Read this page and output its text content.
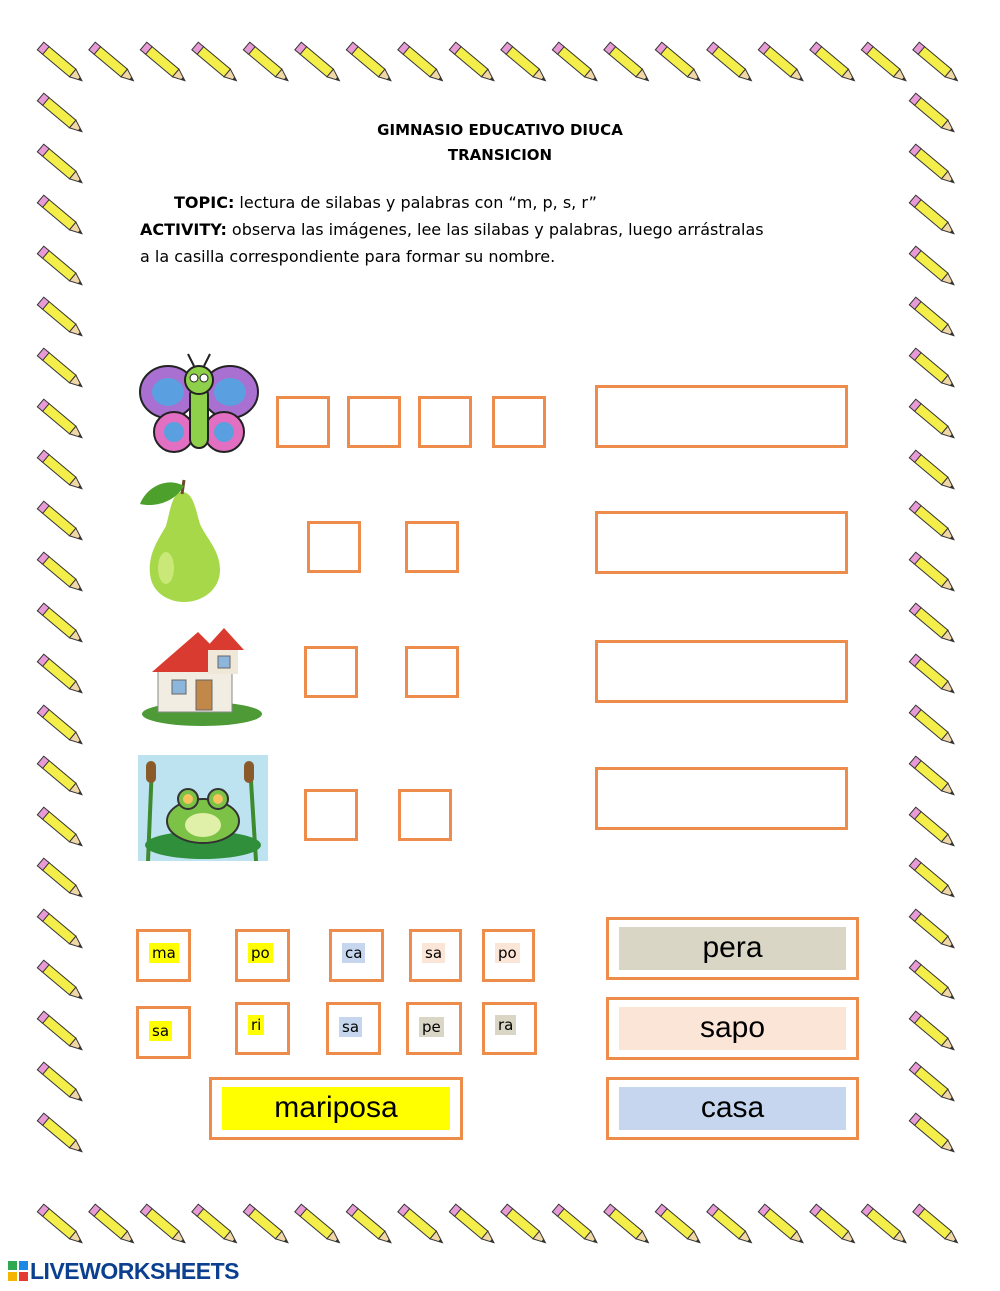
GIMNASIO EDUCATIVO DIUCA
TRANSICION
TOPIC: lectura de silabas y palabras con “m, p, s, r”
ACTIVITY: observa las imágenes, lee las silabas y palabras, luego arrástralas
a la casilla correspondiente para formar su nombre.
ma	po	ca	sa	po
sa	ri	sa	pe	ra
pera
sapo
casa
mariposa
LIVEWORKSHEETS
